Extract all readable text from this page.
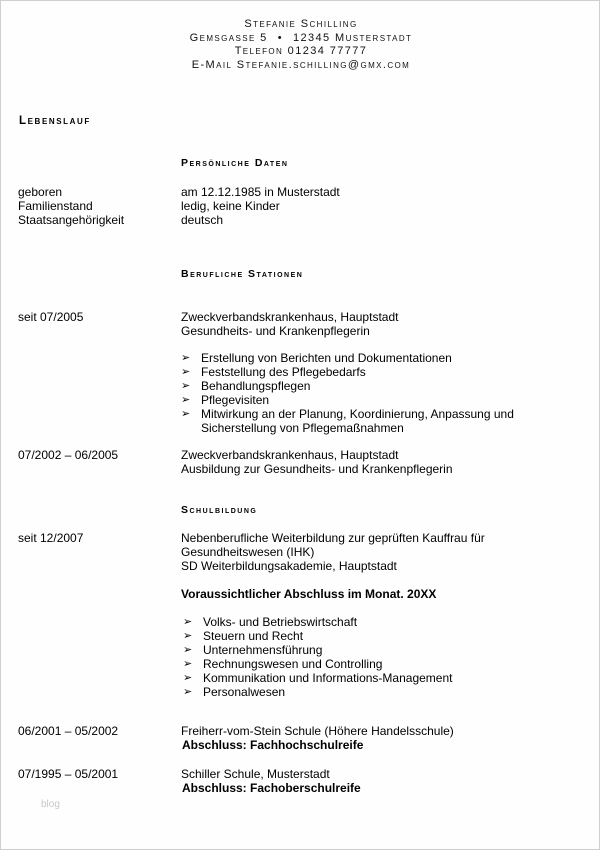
Stefanie Schilling
Gemsgasse 5 • 12345 Musterstadt
Telefon 01234 77777
E-Mail Stefanie.schilling@gmx.com
Lebenslauf
Persönliche Daten
geboren	am 12.12.1985 in Musterstadt
Familienstand	ledig, keine Kinder
Staatsangehörigkeit	deutsch
Berufliche Stationen
seit 07/2005	Zweckverbandskrankenhaus, Hauptstadt
Gesundheits- und Krankenpflegerin
➢ Erstellung von Berichten und Dokumentationen
➢ Feststellung des Pflegebedarfs
➢ Behandlungspflegen
➢ Pflegevisiten
➢ Mitwirkung an der Planung, Koordinierung, Anpassung und
Sicherstellung von Pflegemaßnahmen
07/2002 – 06/2005	Zweckverbandskrankenhaus, Hauptstadt
Ausbildung zur Gesundheits- und Krankenpflegerin
Schulbildung
seit 12/2007	Nebenberufliche Weiterbildung zur geprüften Kauffrau für
Gesundheitswesen (IHK)
SD Weiterbildungsakademie, Hauptstadt
Voraussichtlicher Abschluss im Monat. 20XX
➢ Volks- und Betriebswirtschaft
➢ Steuern und Recht
➢ Unternehmensführung
➢ Rechnungswesen und Controlling
➢ Kommunikation und Informations-Management
➢ Personalwesen
06/2001 – 05/2002	Freiherr-vom-Stein Schule (Höhere Handelsschule)
Abschluss: Fachhochschulreife
07/1995 – 05/2001	Schiller Schule, Musterstadt
Abschluss: Fachoberschulreife
blog
